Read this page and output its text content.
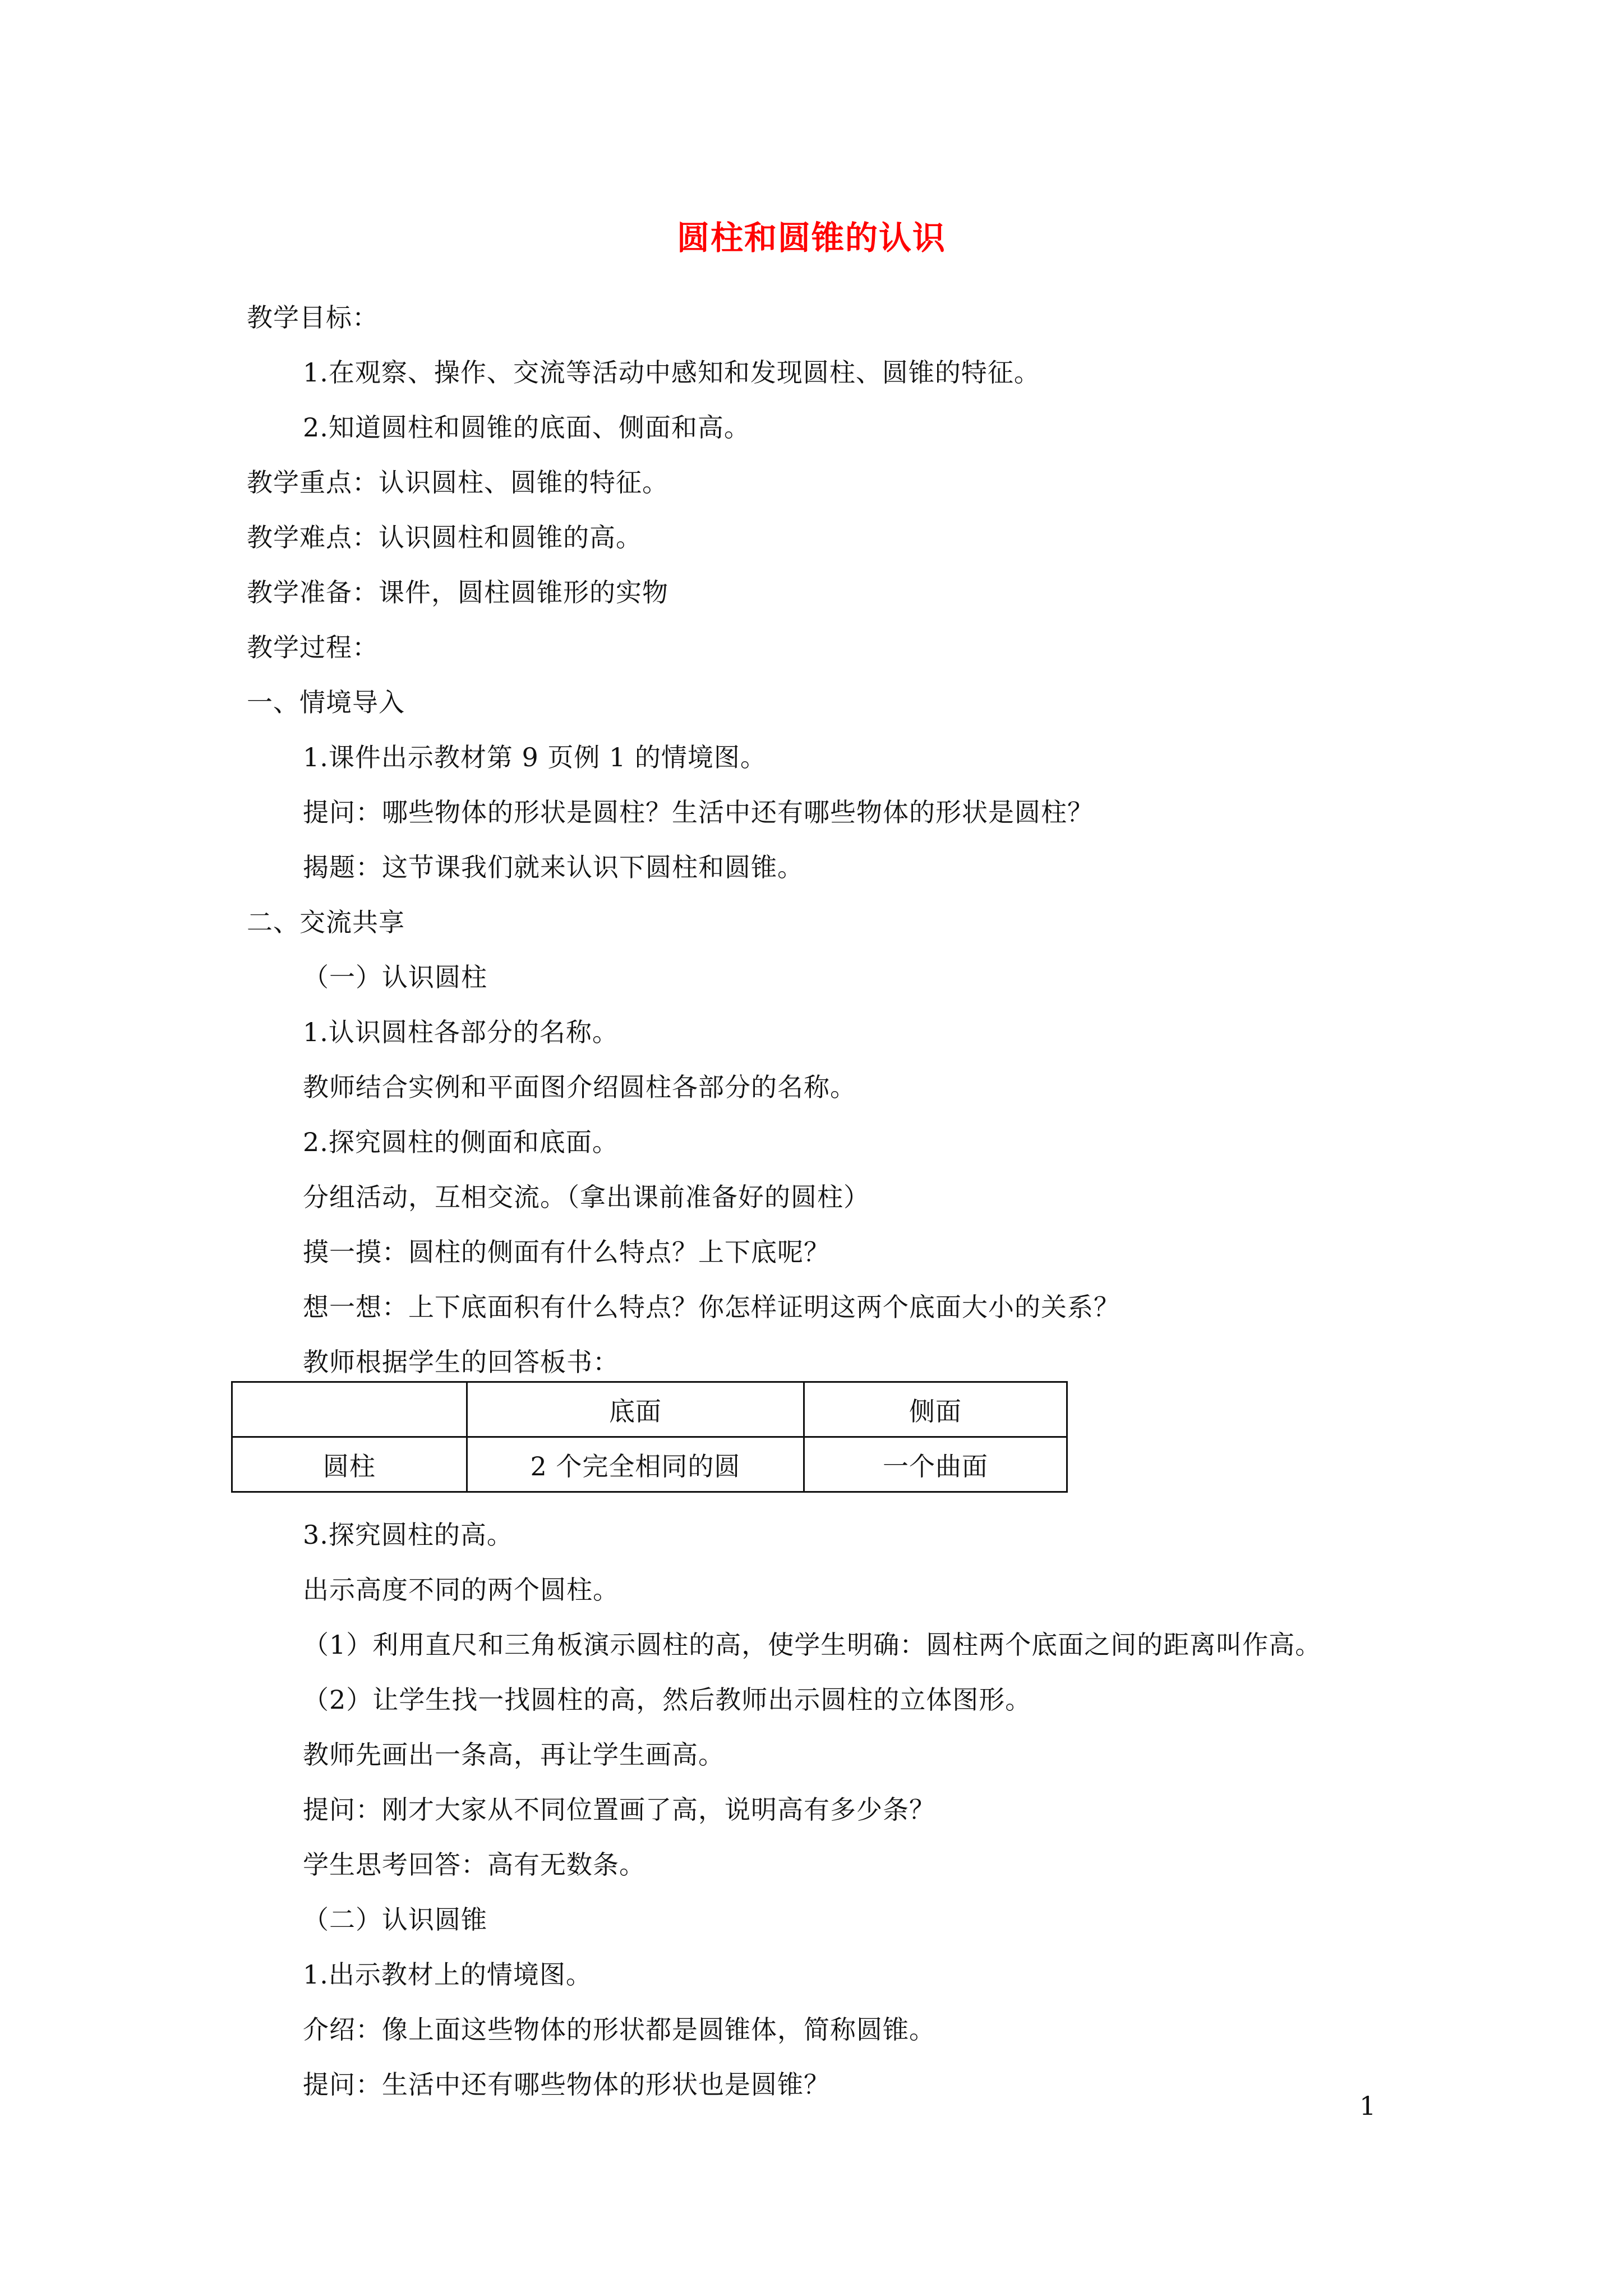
圆柱和圆锥的认识
教学目标：
1.在观察、操作、交流等活动中感知和发现圆柱、圆锥的特征。
2.知道圆柱和圆锥的底面、侧面和高。
教学重点：认识圆柱、圆锥的特征。
教学难点：认识圆柱和圆锥的高。
教学准备：课件，圆柱圆锥形的实物
教学过程：
一、情境导入
1.课件出示教材第 9 页例 1 的情境图。
提问：哪些物体的形状是圆柱？生活中还有哪些物体的形状是圆柱？
揭题：这节课我们就来认识下圆柱和圆锥。
二、交流共享
（一）认识圆柱
1.认识圆柱各部分的名称。
教师结合实例和平面图介绍圆柱各部分的名称。
2.探究圆柱的侧面和底面。
分组活动，互相交流。（拿出课前准备好的圆柱）
摸一摸：圆柱的侧面有什么特点？上下底呢？
想一想：上下底面积有什么特点？你怎样证明这两个底面大小的关系？
教师根据学生的回答板书：
	底面	侧面
圆柱	2 个完全相同的圆	一个曲面
3.探究圆柱的高。
出示高度不同的两个圆柱。
（1）利用直尺和三角板演示圆柱的高，使学生明确：圆柱两个底面之间的距离叫作高。
（2）让学生找一找圆柱的高，然后教师出示圆柱的立体图形。
教师先画出一条高，再让学生画高。
提问：刚才大家从不同位置画了高，说明高有多少条？
学生思考回答：高有无数条。
（二）认识圆锥
1.出示教材上的情境图。
介绍：像上面这些物体的形状都是圆锥体，简称圆锥。
提问：生活中还有哪些物体的形状也是圆锥？
1
